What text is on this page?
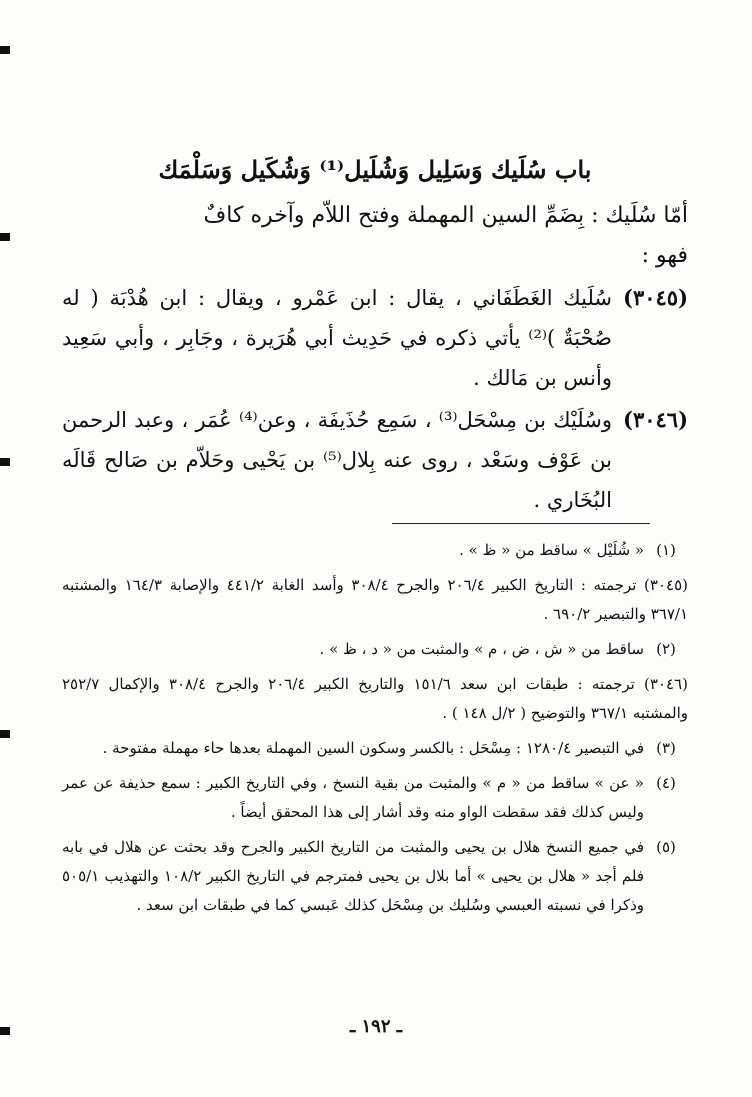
باب سُلَيك وَسَلِيل وَشُلَيل⁽¹⁾ وَشُكَيل وَسَلْمَك

أمّا سُلَيك : بِضَمِّ السين المهملة وفتح اللاّم وآخره كافٌ

فهو :

(٣٠٤٥)
سُلَيك الغَطَفَاني ، يقال : ابن عَمْرو ، ويقال : ابن هُدْبَة ( له صُحْبَةٌ )⁽²⁾ يأتي ذكره في حَدِيث أبي هُرَيرة ، وجَابِر ، وأبي سَعِيد وأنس بن مَالك .
(٣٠٤٦)
وسُلَيْك بن مِسْحَل⁽³⁾ ، سَمِع حُذَيفَة ، وعن⁽⁴⁾ عُمَر ، وعبد الرحمن بن عَوْف وسَعْد ، روى عنه بِلال⁽⁵⁾ بن يَحْيى وحَلاّم بن صَالح قَالَه البُخَاري .
(١)
« شُلَيْل » ساقط من « ظ » .
(٣٠٤٥) ترجمته : التاريخ الكبير ٢٠٦/٤ والجرح ٣٠٨/٤ وأسد الغابة ٤٤١/٢ والإصابة ١٦٤/٣ والمشتبه ٣٦٧/١ والتبصير ٦٩٠/٢ .
(٢)
ساقط من « ش ، ض ، م » والمثبت من « د ، ظ » .
(٣٠٤٦) ترجمته : طبقات ابن سعد ١٥١/٦ والتاريخ الكبير ٢٠٦/٤ والجرح ٣٠٨/٤ والإكمال ٢٥٢/٧ والمشتبه ٣٦٧/١ والتوضيح ( ٢/ل ١٤٨ ) .
(٣)
في التبصير ١٢٨٠/٤ : مِسْحَل : بالكسر وسكون السين المهملة بعدها حاء مهملة مفتوحة .
(٤)
« عن » ساقط من « م » والمثبت من بقية النسخ ، وفي التاريخ الكبير : سمع حذيفة عن عمر وليس كذلك فقد سقطت الواو منه وقد أشار إلى هذا المحقق أيضاً .
(٥)
في جميع النسخ هلال بن يحيى والمثبت من التاريخ الكبير والجرح وقد بحثت عن هلال في بابه فلم أجد « هلال بن يحيى » أما بلال بن يحيى فمترجم في التاريخ الكبير ١٠٨/٢ والتهذيب ٥٠٥/١ وذكرا في نسبته العبسي وسُليك بن مِسْحَل كذلك عَبسي كما في طبقات ابن سعد .
ـ ١٩٢ ـ
